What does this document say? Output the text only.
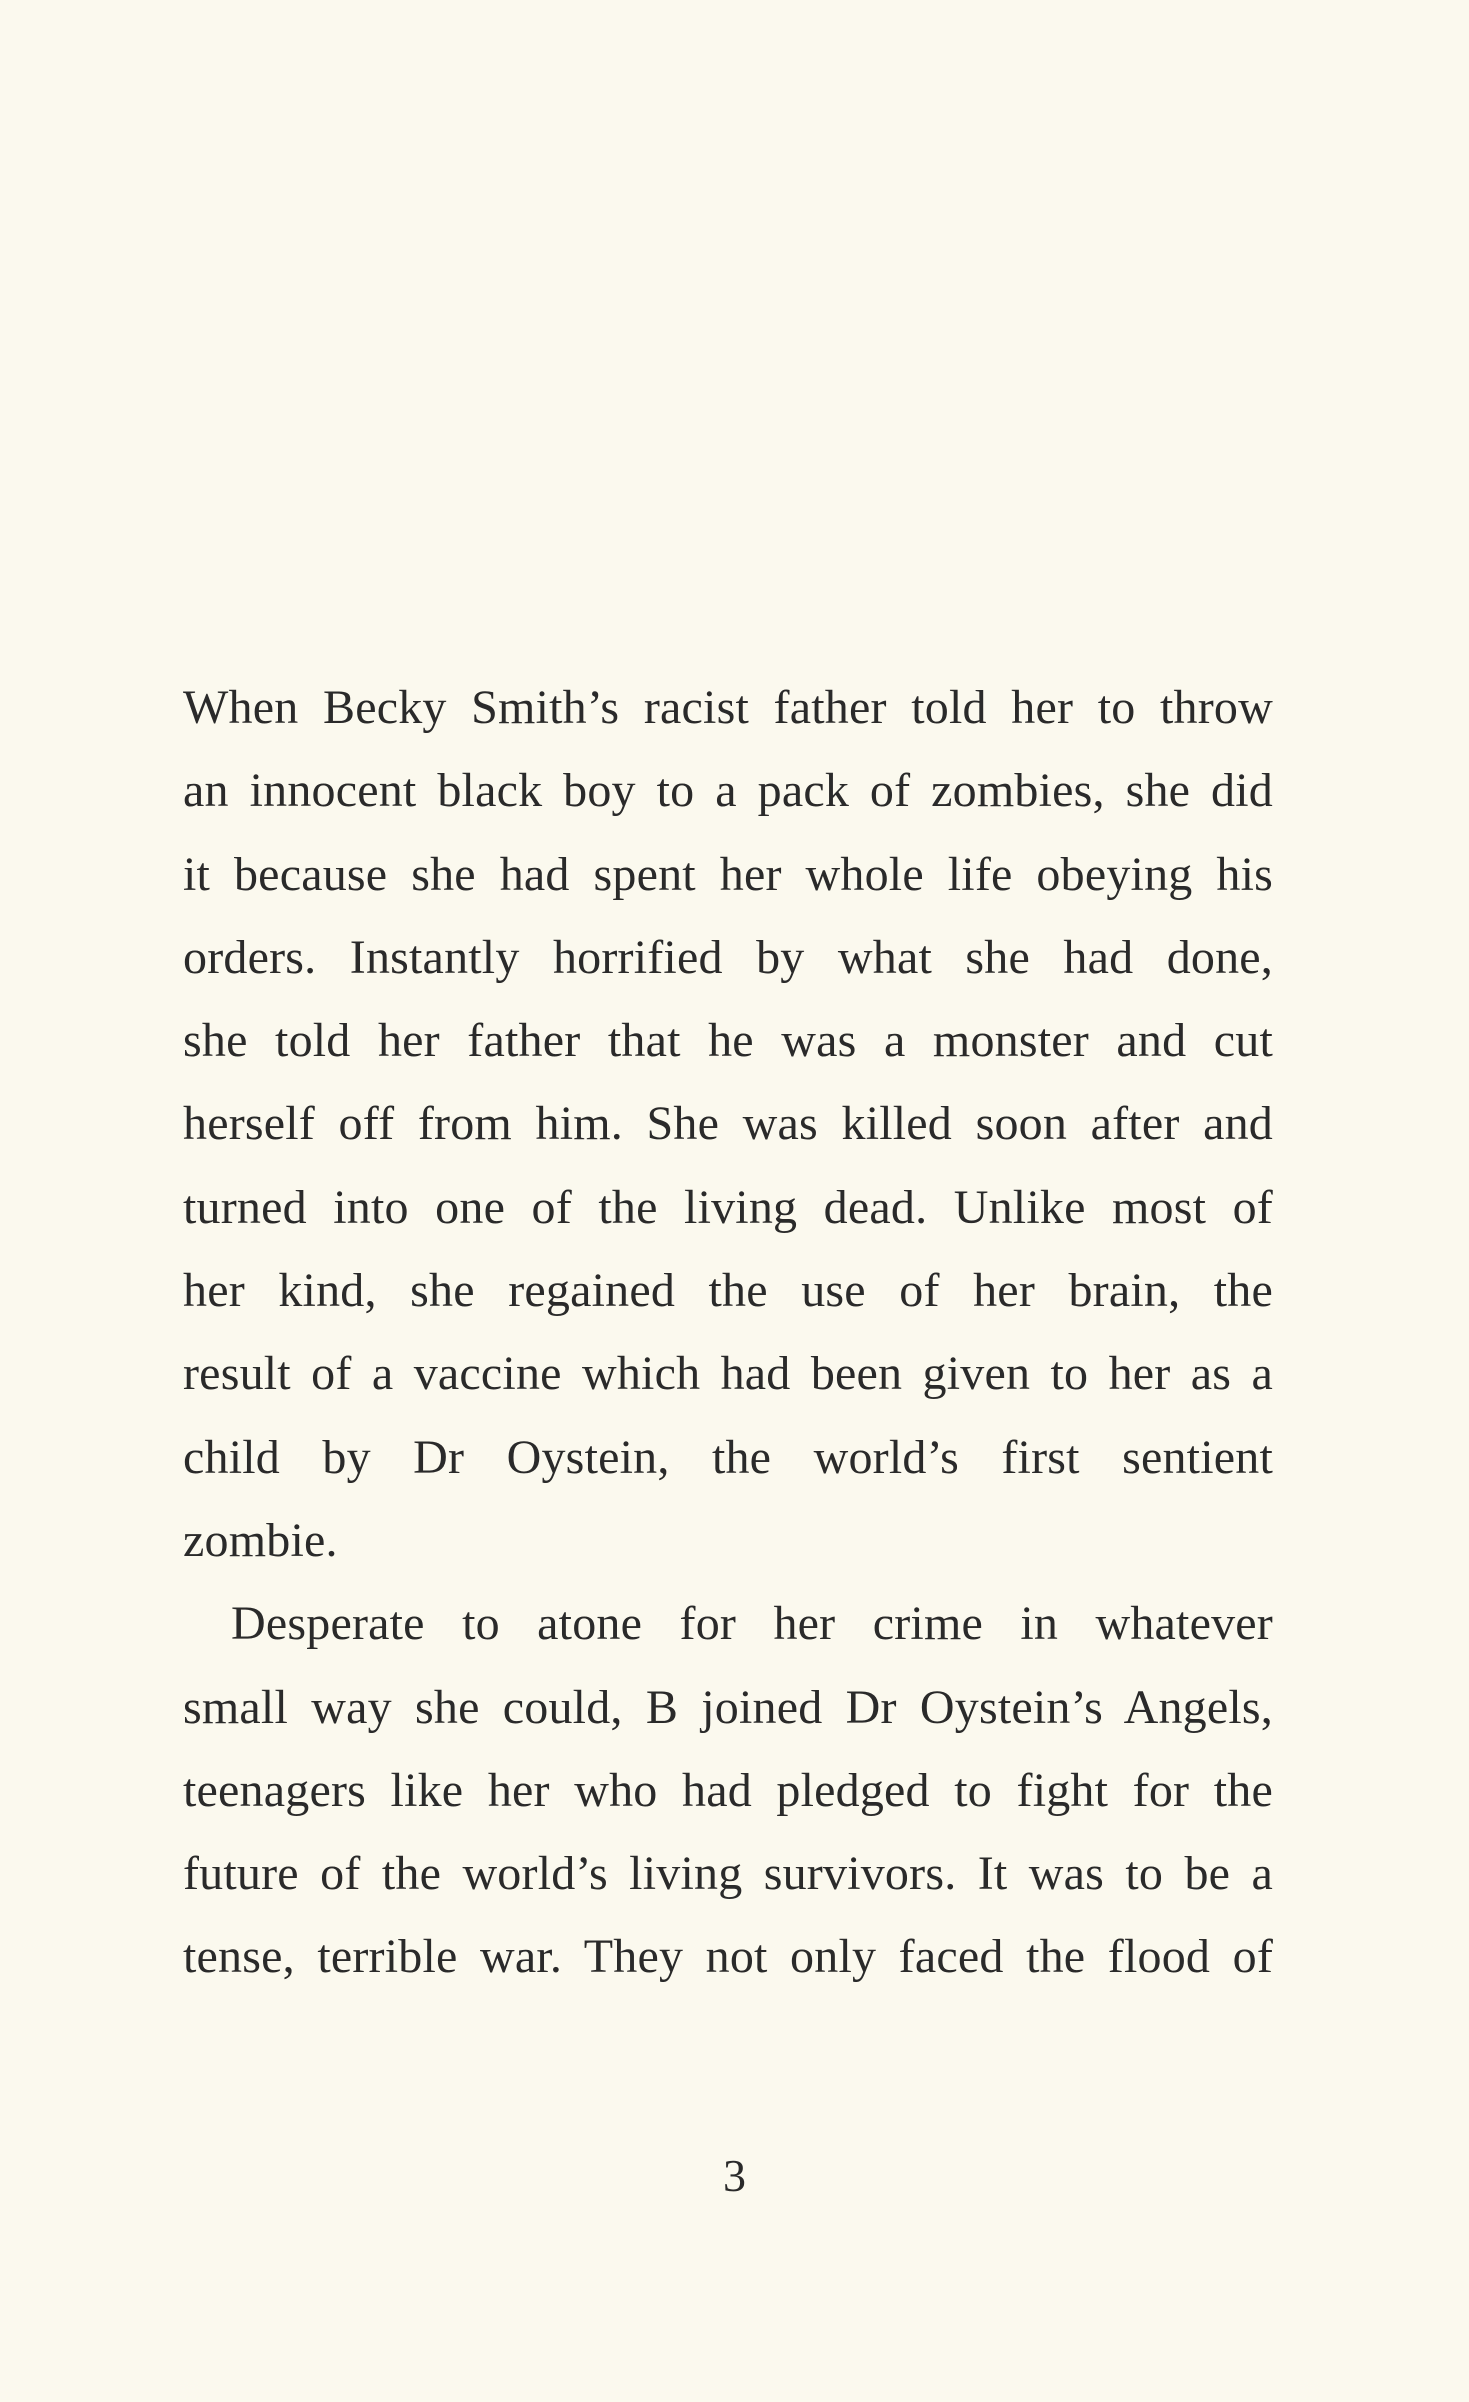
When Becky Smith’s racist father told her to throw
an innocent black boy to a pack of zombies, she did
it because she had spent her whole life obeying his
orders. Instantly horrified by what she had done,
she told her father that he was a monster and cut
herself off from him. She was killed soon after and
turned into one of the living dead. Unlike most of
her kind, she regained the use of her brain, the
result of a vaccine which had been given to her as a
child by Dr Oystein, the world’s first sentient
zombie.

Desperate to atone for her crime in whatever
small way she could, B joined Dr Oystein’s Angels,
teenagers like her who had pledged to fight for the
future of the world’s living survivors. It was to be a
tense, terrible war. They not only faced the flood of

3
